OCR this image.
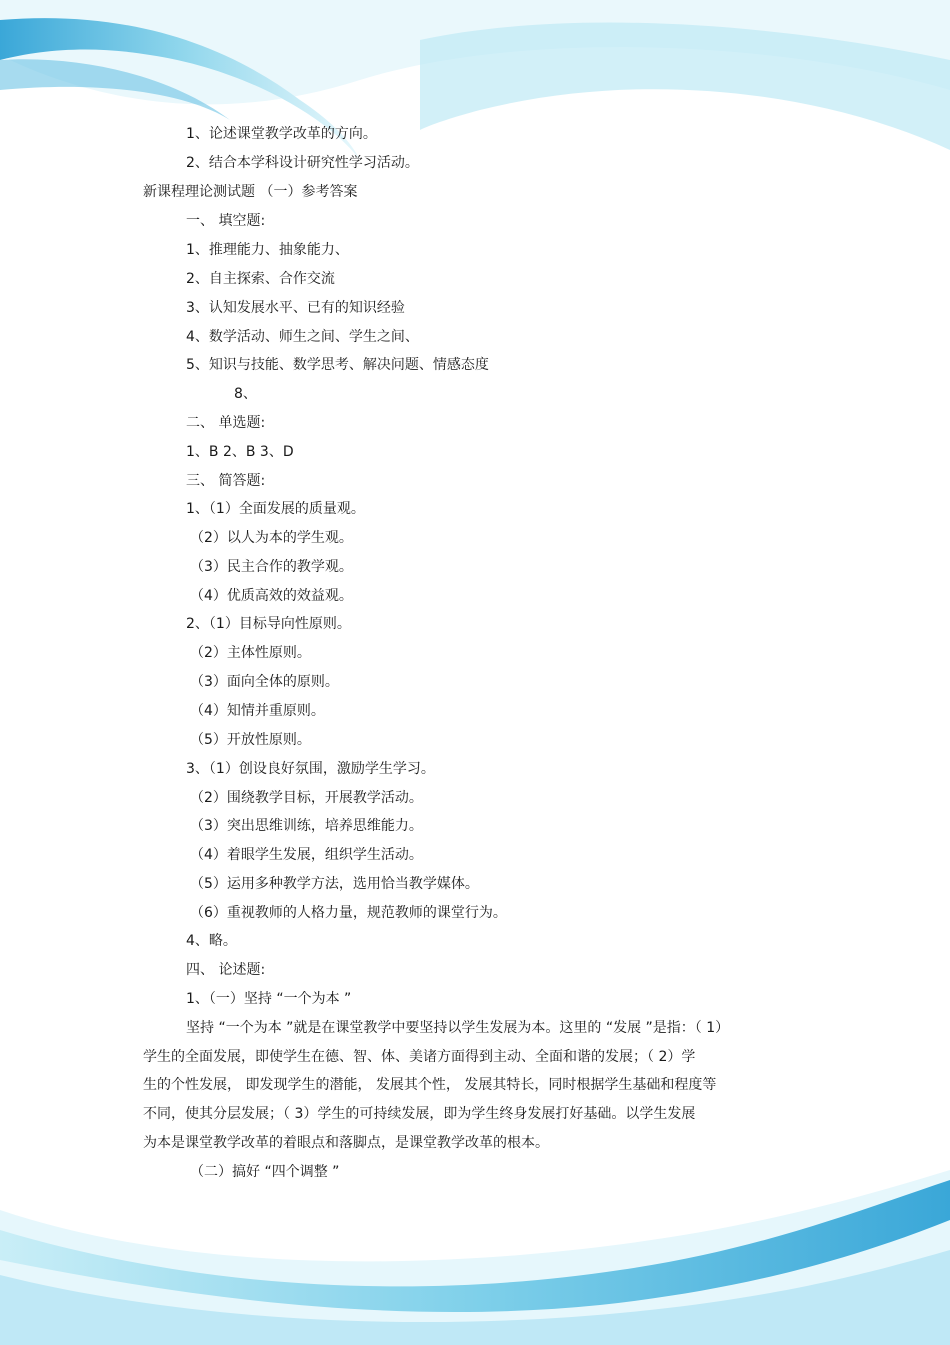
1、论述课堂教学改革的方向。
2、结合本学科设计研究性学习活动。
新课程理论测试题 （一）参考答案
一、 填空题:
1、推理能力、抽象能力、
2、自主探索、合作交流
3、认知发展水平、已有的知识经验
4、数学活动、师生之间、学生之间、
5、知识与技能、数学思考、解决问题、情感态度
8、
二、 单选题:
1、B 2、B 3、D
三、 简答题:
1、（1）全面发展的质量观。
（2）以人为本的学生观。
（3）民主合作的教学观。
（4）优质高效的效益观。
2、（1）目标导向性原则。
（2）主体性原则。
（3）面向全体的原则。
（4）知情并重原则。
（5）开放性原则。
3、（1）创设良好氛围，激励学生学习。
（2）围绕教学目标，开展教学活动。
（3）突出思维训练，培养思维能力。
（4）着眼学生发展，组织学生活动。
（5）运用多种教学方法，选用恰当教学媒体。
（6）重视教师的人格力量，规范教师的课堂行为。
4、略。
四、 论述题:
1、（一）坚持 “一个为本 ”
坚持 “一个为本 ”就是在课堂教学中要坚持以学生发展为本。这里的 “发展 ”是指：（ 1）
学生的全面发展，即使学生在德、智、体、美诸方面得到主动、全面和谐的发展；（ 2）学
生的个性发展， 即发现学生的潜能， 发展其个性， 发展其特长，同时根据学生基础和程度等
不同，使其分层发展；（ 3）学生的可持续发展，即为学生终身发展打好基础。以学生发展
为本是课堂教学改革的着眼点和落脚点，是课堂教学改革的根本。
（二）搞好 “四个调整 ”
